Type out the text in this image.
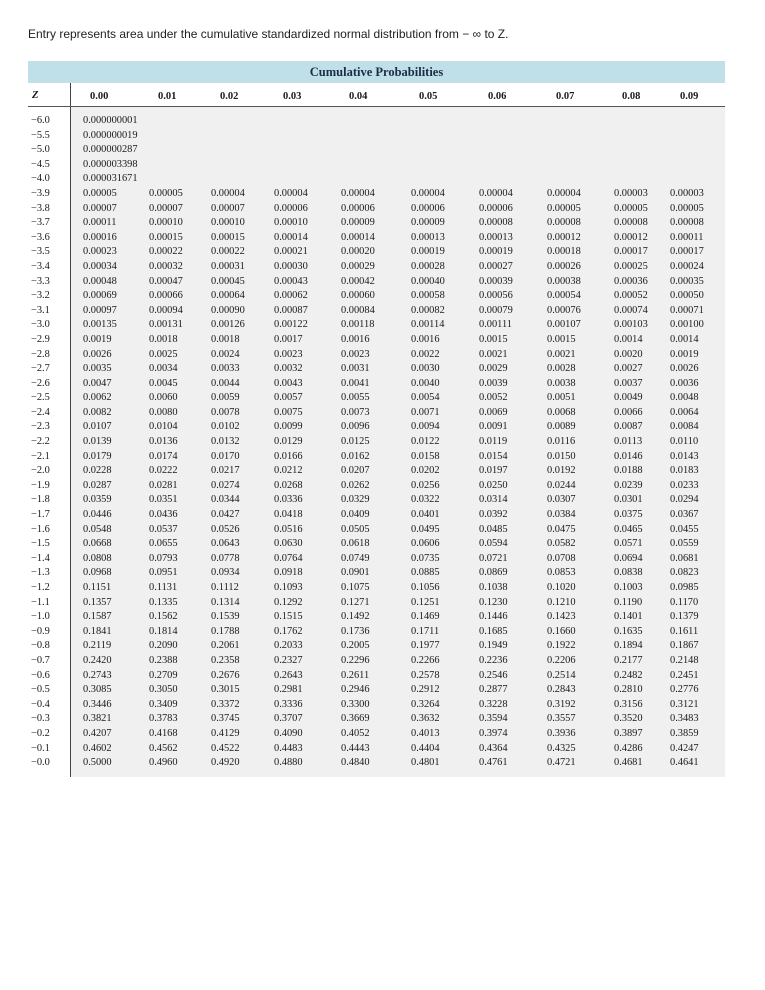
Entry represents area under the cumulative standardized normal distribution from − ∞ to Z.
Cumulative Probabilities
Z	0.00	0.01	0.02	0.03	0.04	0.05	0.06	0.07	0.08	0.09
−6.0	0.000000001
−5.5	0.000000019
−5.0	0.000000287
−4.5	0.000003398
−4.0	0.000031671
−3.9	0.00005	0.00005	0.00004	0.00004	0.00004	0.00004	0.00004	0.00004	0.00003 0.00003
−3.8	0.00007	0.00007	0.00007	0.00006	0.00006	0.00006	0.00006	0.00005	0.00005 0.00005
−3.7	0.00011	0.00010	0.00010	0.00010	0.00009	0.00009	0.00008	0.00008	0.00008 0.00008
−3.6	0.00016	0.00015	0.00015	0.00014	0.00014	0.00013	0.00013	0.00012	0.00012 0.00011
−3.5	0.00023	0.00022	0.00022	0.00021	0.00020	0.00019	0.00019	0.00018	0.00017 0.00017
−3.4	0.00034	0.00032	0.00031	0.00030	0.00029	0.00028	0.00027	0.00026	0.00025 0.00024
−3.3	0.00048	0.00047	0.00045	0.00043	0.00042	0.00040	0.00039	0.00038	0.00036 0.00035
−3.2	0.00069	0.00066	0.00064	0.00062	0.00060	0.00058	0.00056	0.00054	0.00052 0.00050
−3.1	0.00097	0.00094	0.00090	0.00087	0.00084	0.00082	0.00079	0.00076	0.00074 0.00071
−3.0	0.00135	0.00131	0.00126	0.00122	0.00118	0.00114	0.00111	0.00107	0.00103 0.00100
−2.9	0.0019	0.0018	0.0018	0.0017	0.0016	0.0016	0.0015	0.0015	0.0014	0.0014
−2.8	0.0026	0.0025	0.0024	0.0023	0.0023	0.0022	0.0021	0.0021	0.0020	0.0019
−2.7	0.0035	0.0034	0.0033	0.0032	0.0031	0.0030	0.0029	0.0028	0.0027	0.0026
−2.6	0.0047	0.0045	0.0044	0.0043	0.0041	0.0040	0.0039	0.0038	0.0037	0.0036
−2.5	0.0062	0.0060	0.0059	0.0057	0.0055	0.0054	0.0052	0.0051	0.0049	0.0048
−2.4	0.0082	0.0080	0.0078	0.0075	0.0073	0.0071	0.0069	0.0068	0.0066	0.0064
−2.3	0.0107	0.0104	0.0102	0.0099	0.0096	0.0094	0.0091	0.0089	0.0087	0.0084
−2.2	0.0139	0.0136	0.0132	0.0129	0.0125	0.0122	0.0119	0.0116	0.0113	0.0110
−2.1	0.0179	0.0174	0.0170	0.0166	0.0162	0.0158	0.0154	0.0150	0.0146	0.0143
−2.0	0.0228	0.0222	0.0217	0.0212	0.0207	0.0202	0.0197	0.0192	0.0188	0.0183
−1.9	0.0287	0.0281	0.0274	0.0268	0.0262	0.0256	0.0250	0.0244	0.0239	0.0233
−1.8	0.0359	0.0351	0.0344	0.0336	0.0329	0.0322	0.0314	0.0307	0.0301	0.0294
−1.7	0.0446	0.0436	0.0427	0.0418	0.0409	0.0401	0.0392	0.0384	0.0375	0.0367
−1.6	0.0548	0.0537	0.0526	0.0516	0.0505	0.0495	0.0485	0.0475	0.0465	0.0455
−1.5	0.0668	0.0655	0.0643	0.0630	0.0618	0.0606	0.0594	0.0582	0.0571	0.0559
−1.4	0.0808	0.0793	0.0778	0.0764	0.0749	0.0735	0.0721	0.0708	0.0694	0.0681
−1.3	0.0968	0.0951	0.0934	0.0918	0.0901	0.0885	0.0869	0.0853	0.0838	0.0823
−1.2	0.1151	0.1131	0.1112	0.1093	0.1075	0.1056	0.1038	0.1020	0.1003	0.0985
−1.1	0.1357	0.1335	0.1314	0.1292	0.1271	0.1251	0.1230	0.1210	0.1190	0.1170
−1.0	0.1587	0.1562	0.1539	0.1515	0.1492	0.1469	0.1446	0.1423	0.1401	0.1379
−0.9	0.1841	0.1814	0.1788	0.1762	0.1736	0.1711	0.1685	0.1660	0.1635	0.1611
−0.8	0.2119	0.2090	0.2061	0.2033	0.2005	0.1977	0.1949	0.1922	0.1894	0.1867
−0.7	0.2420	0.2388	0.2358	0.2327	0.2296	0.2266	0.2236	0.2206	0.2177	0.2148
−0.6	0.2743	0.2709	0.2676	0.2643	0.2611	0.2578	0.2546	0.2514	0.2482	0.2451
−0.5	0.3085	0.3050	0.3015	0.2981	0.2946	0.2912	0.2877	0.2843	0.2810	0.2776
−0.4	0.3446	0.3409	0.3372	0.3336	0.3300	0.3264	0.3228	0.3192	0.3156	0.3121
−0.3	0.3821	0.3783	0.3745	0.3707	0.3669	0.3632	0.3594	0.3557	0.3520	0.3483
−0.2	0.4207	0.4168	0.4129	0.4090	0.4052	0.4013	0.3974	0.3936	0.3897	0.3859
−0.1	0.4602	0.4562	0.4522	0.4483	0.4443	0.4404	0.4364	0.4325	0.4286	0.4247
−0.0	0.5000	0.4960	0.4920	0.4880	0.4840	0.4801	0.4761	0.4721	0.4681	0.4641
